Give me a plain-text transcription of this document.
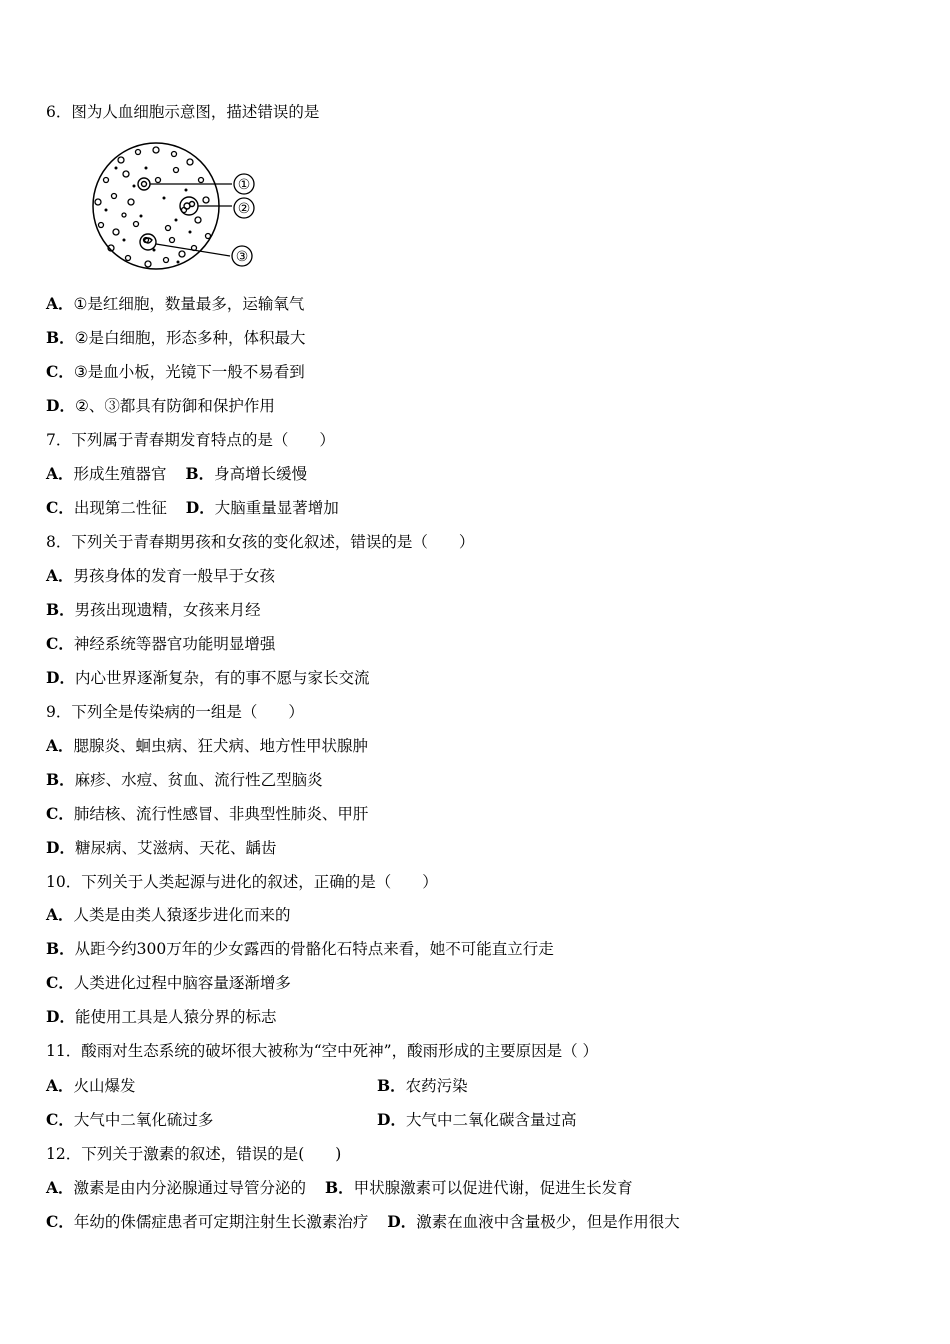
6．图为人血细胞示意图，描述错误的是
①
②
③
A．①是红细胞，数量最多，运输氧气
B．②是白细胞，形态多种，体积最大
C．③是血小板，光镜下一般不易看到
D．②、③都具有防御和保护作用
7．下列属于青春期发育特点的是（　　）
A．形成生殖器官 B．身高增长缓慢
C．出现第二性征 D．大脑重量显著增加
8．下列关于青春期男孩和女孩的变化叙述，错误的是（　　）
A．男孩身体的发育一般早于女孩
B．男孩出现遗精，女孩来月经
C．神经系统等器官功能明显增强
D．内心世界逐渐复杂，有的事不愿与家长交流
9．下列全是传染病的一组是（　　）
A．腮腺炎、蛔虫病、狂犬病、地方性甲状腺肿
B．麻疹、水痘、贫血、流行性乙型脑炎
C．肺结核、流行性感冒、非典型性肺炎、甲肝
D．糖尿病、艾滋病、天花、龋齿
10．下列关于人类起源与进化的叙述，正确的是（　　）
A．人类是由类人猿逐步进化而来的
B．从距今约300万年的少女露西的骨骼化石特点来看，她不可能直立行走
C．人类进化过程中脑容量逐渐增多
D．能使用工具是人猿分界的标志
11．酸雨对生态系统的破坏很大被称为“空中死神”，酸雨形成的主要原因是（ ）
A．火山爆发	B．农药污染
C．大气中二氧化硫过多	D．大气中二氧化碳含量过高
12．下列关于激素的叙述，错误的是(　　)
A．激素是由内分泌腺通过导管分泌的 B．甲状腺激素可以促进代谢，促进生长发育
C．年幼的侏儒症患者可定期注射生长激素治疗 D．激素在血液中含量极少，但是作用很大
